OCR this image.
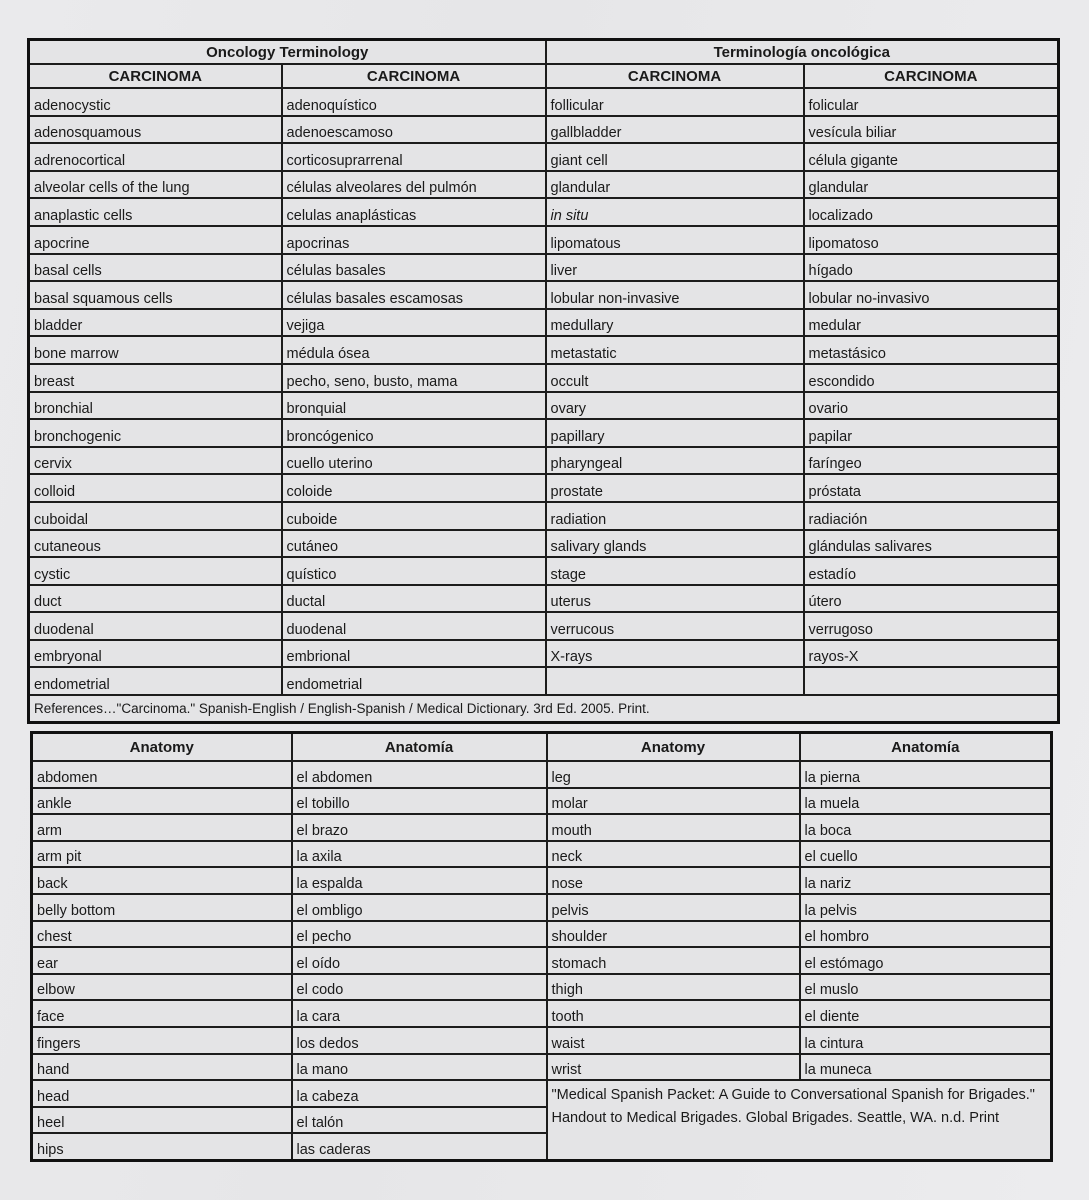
Oncology Terminology		Terminología oncológica	
CARCINOMA	CARCINOMA	CARCINOMA	CARCINOMA
adenocystic	adenoquístico	follicular	folicular
adenosquamous	adenoescamoso	gallbladder	vesícula biliar
adrenocortical	corticosuprarrenal	giant cell	célula gigante
alveolar cells of the lung	células alveolares del pulmón	glandular	glandular
anaplastic cells	celulas anaplásticas	in situ	localizado
apocrine	apocrinas	lipomatous	lipomatoso
basal cells	células basales	liver	hígado
basal squamous cells	células basales escamosas	lobular non-invasive	lobular no-invasivo
bladder	vejiga	medullary	medular
bone marrow	médula ósea	metastatic	metastásico
breast	pecho, seno, busto, mama	occult	escondido
bronchial	bronquial	ovary	ovario
bronchogenic	broncógenico	papillary	papilar
cervix	cuello uterino	pharyngeal	faríngeo
colloid	coloide	prostate	próstata
cuboidal	cuboide	radiation	radiación
cutaneous	cutáneo	salivary glands	glándulas salivares
cystic	quístico	stage	estadío
duct	ductal	uterus	útero
duodenal	duodenal	verrucous	verrugoso
embryonal	embrional	X-rays	rayos-X
endometrial	endometrial		
References…"Carcinoma." Spanish-English / English-Spanish / Medical Dictionary. 3rd Ed. 2005. Print.			
Anatomy	Anatomía	Anatomy	Anatomía
abdomen	el abdomen	leg	la pierna
ankle	el tobillo	molar	la muela
arm	el brazo	mouth	la boca
arm pit	la axila	neck	el cuello
back	la espalda	nose	la nariz
belly bottom	el ombligo	pelvis	la pelvis
chest	el pecho	shoulder	el hombro
ear	el oído	stomach	el estómago
elbow	el codo	thigh	el muslo
face	la cara	tooth	el diente
fingers	los dedos	waist	la cintura
hand	la mano	wrist	la muneca
head	la cabeza	"Medical Spanish Packet: A Guide to Conversational Spanish for Brigades." Handout to Medical Brigades. Global Brigades. Seattle, WA. n.d. Print	
heel	el talón		
hips	las caderas		
